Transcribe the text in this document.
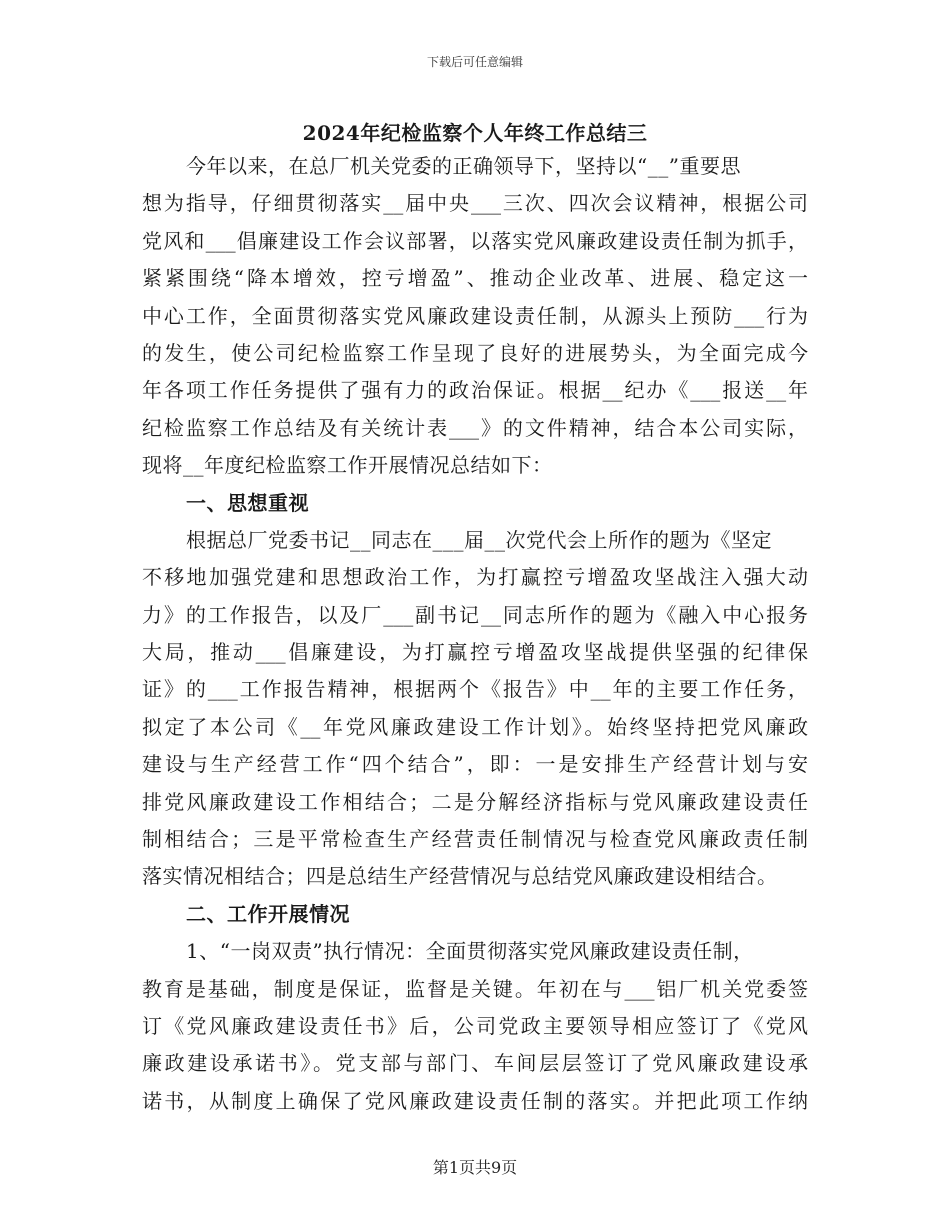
下载后可任意编辑
2024年纪检监察个人年终工作总结三
今年以来，在总厂机关党委的正确领导下，坚持以“__”重要思
想为指导，仔细贯彻落实__届中央___三次、四次会议精神，根据公司
党风和___倡廉建设工作会议部署，以落实党风廉政建设责任制为抓手，
紧紧围绕“降本增效，控亏增盈”、推动企业改革、进展、稳定这一
中心工作，全面贯彻落实党风廉政建设责任制，从源头上预防___行为
的发生，使公司纪检监察工作呈现了良好的进展势头，为全面完成今
年各项工作任务提供了强有力的政治保证。根据__纪办《___报送__年
纪检监察工作总结及有关统计表___》的文件精神，结合本公司实际，
现将__年度纪检监察工作开展情况总结如下：
一、思想重视
根据总厂党委书记__同志在___届__次党代会上所作的题为《坚定
不移地加强党建和思想政治工作，为打赢控亏增盈攻坚战注入强大动
力》的工作报告，以及厂___副书记__同志所作的题为《融入中心报务
大局，推动___倡廉建设，为打赢控亏增盈攻坚战提供坚强的纪律保
证》的___工作报告精神，根据两个《报告》中__年的主要工作任务，
拟定了本公司《__年党风廉政建设工作计划》。始终坚持把党风廉政
建设与生产经营工作“四个结合”，即：一是安排生产经营计划与安
排党风廉政建设工作相结合；二是分解经济指标与党风廉政建设责任
制相结合；三是平常检查生产经营责任制情况与检查党风廉政责任制
落实情况相结合；四是总结生产经营情况与总结党风廉政建设相结合。
二、工作开展情况
1、“一岗双责”执行情况：全面贯彻落实党风廉政建设责任制，
教育是基础，制度是保证，监督是关键。年初在与___铝厂机关党委签
订《党风廉政建设责任书》后，公司党政主要领导相应签订了《党风
廉政建设承诺书》。党支部与部门、车间层层签订了党风廉政建设承
诺书，从制度上确保了党风廉政建设责任制的落实。并把此项工作纳
第1页共9页
